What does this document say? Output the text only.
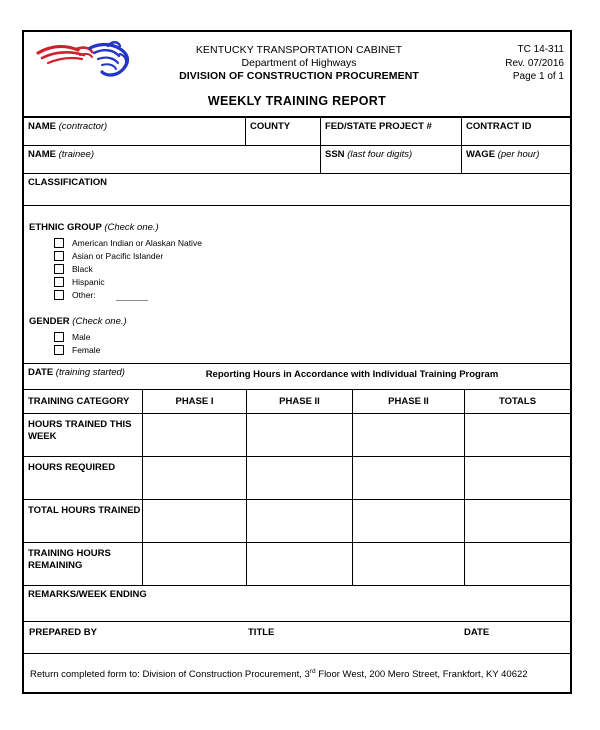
KENTUCKY TRANSPORTATION CABINET
Department of Highways
DIVISION OF CONSTRUCTION PROCUREMENT
TC 14-311
Rev. 07/2016
Page 1 of 1
WEEKLY TRAINING REPORT
NAME (contractor)	COUNTY	FED/STATE PROJECT #	CONTRACT ID
NAME (trainee)	SSN (last four digits)	WAGE (per hour)
CLASSIFICATION
ETHNIC GROUP (Check one.)
American Indian or Alaskan Native
Asian or Pacific Islander
Black
Hispanic
Other:
GENDER (Check one.)
Male
Female
DATE (training started)	Reporting Hours in Accordance with Individual Training Program
TRAINING CATEGORY	PHASE I	PHASE II	PHASE II	TOTALS
HOURS TRAINED THIS WEEK
HOURS REQUIRED
TOTAL HOURS TRAINED
TRAINING HOURS REMAINING
REMARKS/WEEK ENDING
PREPARED BY	TITLE	DATE
Return completed form to: Division of Construction Procurement, 3rd Floor West, 200 Mero Street, Frankfort, KY 40622
